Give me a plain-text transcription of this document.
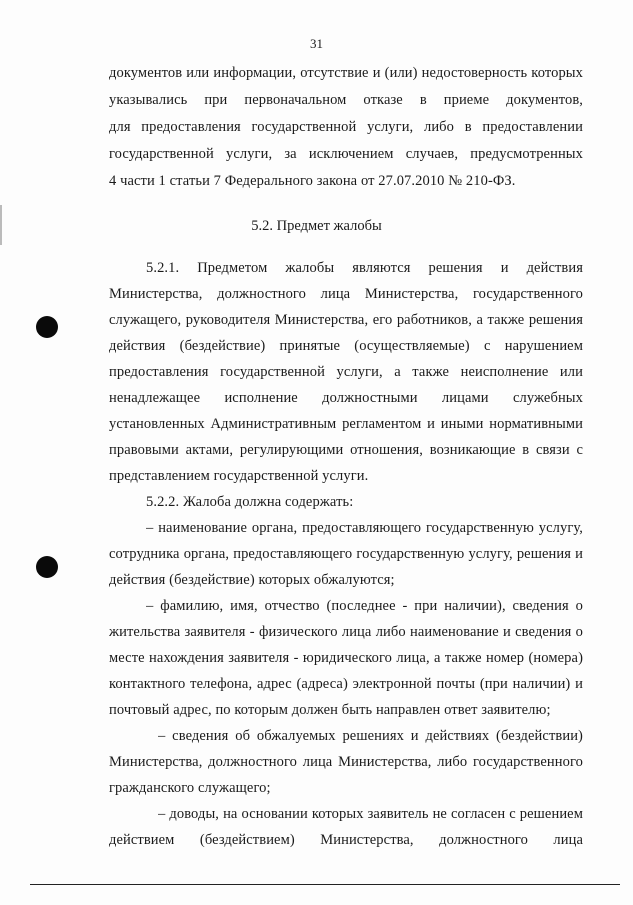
31
документов или информации, отсутствие и (или) недостоверность которых
указывались при первоначальном отказе в приеме документов,
для предоставления государственной услуги, либо в предоставлении
государственной услуги, за исключением случаев, предусмотренных
4 части 1 статьи 7 Федерального закона от 27.07.2010 № 210-ФЗ.
5.2. Предмет жалобы
5.2.1. Предметом жалобы являются решения и действия
Министерства, должностного лица Министерства, государственного
служащего, руководителя Министерства, его работников, а также решения
действия (бездействие) принятые (осуществляемые) с нарушением
предоставления государственной услуги, а также неисполнение или
ненадлежащее исполнение должностными лицами служебных
установленных Административным регламентом и иными нормативными
правовыми актами, регулирующими отношения, возникающие в связи с
представлением государственной услуги.
5.2.2. Жалоба должна содержать:
– наименование органа, предоставляющего государственную услугу,
сотрудника органа, предоставляющего государственную услугу, решения и
действия (бездействие) которых обжалуются;
– фамилию, имя, отчество (последнее - при наличии), сведения о
жительства заявителя - физического лица либо наименование и сведения о
месте нахождения заявителя - юридического лица, а также номер (номера)
контактного телефона, адрес (адреса) электронной почты (при наличии) и
почтовый адрес, по которым должен быть направлен ответ заявителю;
– сведения об обжалуемых решениях и действиях (бездействии)
Министерства, должностного лица Министерства, либо государственного
гражданского служащего;
– доводы, на основании которых заявитель не согласен с решением
действием (бездействием) Министерства, должностного лица
